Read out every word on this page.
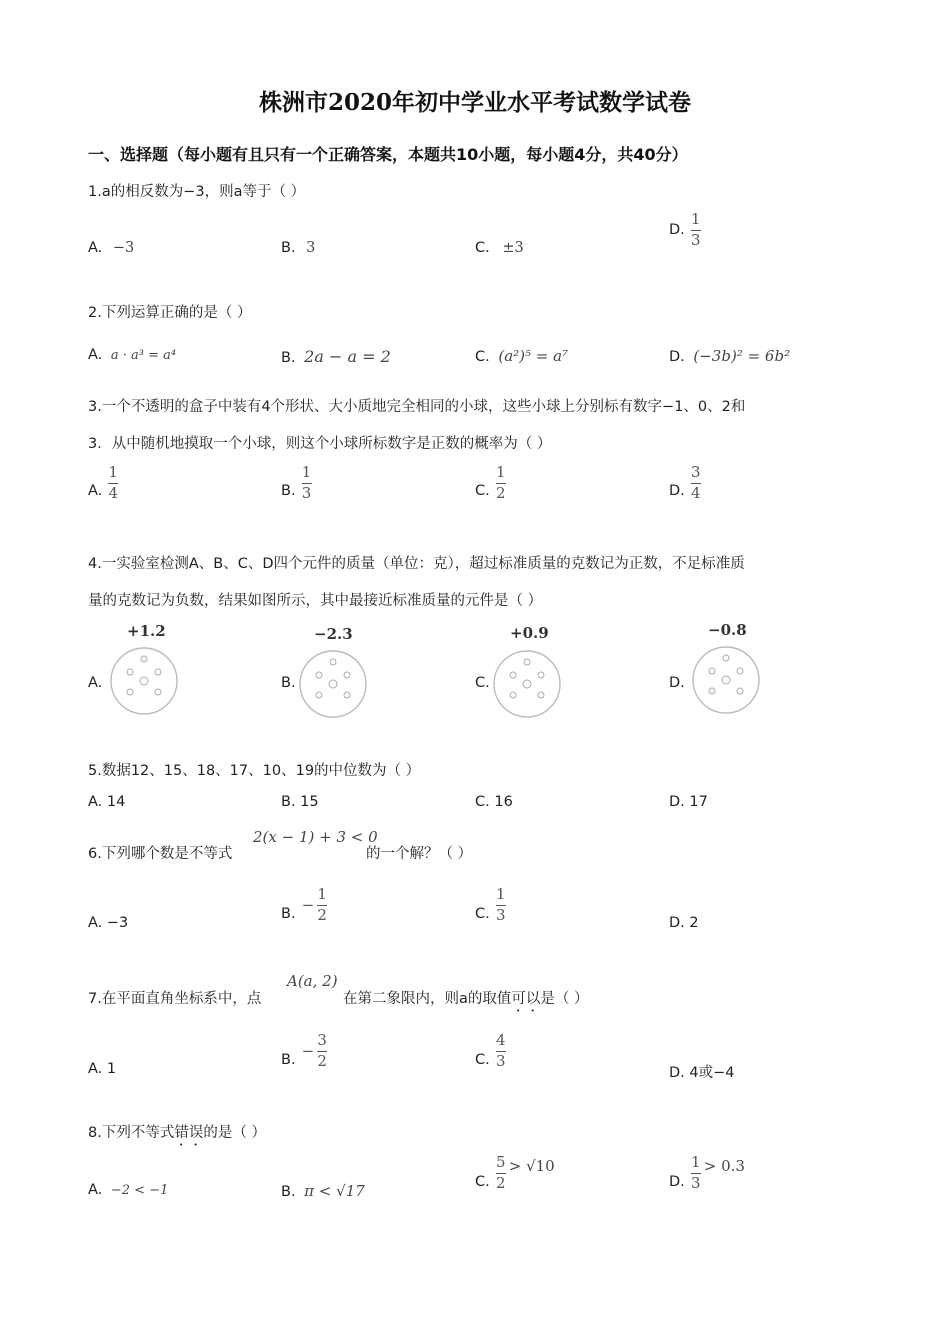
株洲市2020年初中学业水平考试数学试卷
一、选择题（每小题有且只有一个正确答案，本题共10小题，每小题4分，共40分）
1.a的相反数为−3，则a等于（ ）
A. −3	B. 3	C. ±3
D. $\frac{1}{3}$
2.下列运算正确的是（ ）
A. a · a³ = a⁴	B. 2a − a = 2	C. (a²)⁵ = a⁷	D. (−3b)² = 6b²
3.一个不透明的盒子中装有4个形状、大小质地完全相同的小球，这些小球上分别标有数字−1、0、2和
3．从中随机地摸取一个小球，则这个小球所标数字是正数的概率为（ ）
A. $\frac{1}{4}$	B. $\frac{1}{3}$	C. $\frac{1}{2}$	D. $\frac{3}{4}$
4.一实验室检测A、B、C、D四个元件的质量（单位：克），超过标准质量的克数记为正数，不足标准质
量的克数记为负数，结果如图所示，其中最接近标准质量的元件是（ ）
A.
+1.2
B.
−2.3
C.
+0.9
D.
−0.8
5.数据12、15、18、17、10、19的中位数为（ ）
A. 14	B. 15	C. 16	D. 17
6.下列哪个数是不等式
2(x − 1) + 3 < 0
的一个解？（ ）
A. −3
B. − $\frac{1}{2}$	C. $\frac{1}{3}$	D. 2
7.在平面直角坐标系中，点
A(a, 2)
在第二象限内，则a的取值可以是（ ）
A. 1
B. − $\frac{3}{2}$	C. $\frac{4}{3}$
D. 4或−4
8.下列不等式错误的是（ ）
A. −2 < −1	B. π < √17	C. $\frac{5}{2} > √10$
D. $\frac{1}{3} > 0.3$
